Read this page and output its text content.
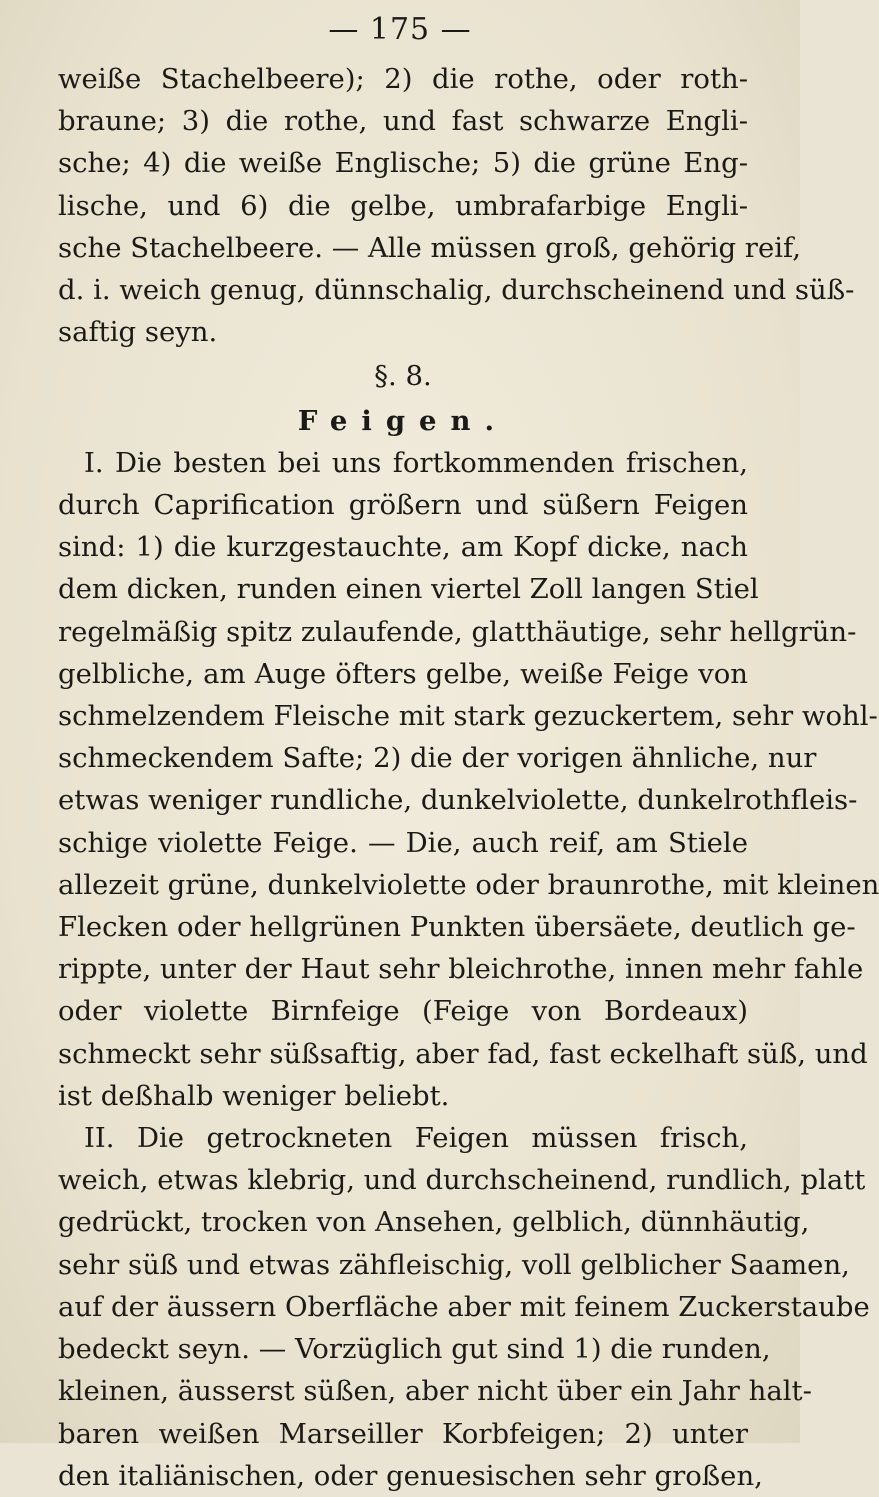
— 175 —
weiße Stachelbeere); 2) die rothe, oder roth-
braune; 3) die rothe, und fast schwarze Engli-
sche; 4) die weiße Englische; 5) die grüne Eng-
lische, und 6) die gelbe, umbrafarbige Engli-
sche Stachelbeere. — Alle müssen groß, gehörig reif,
d. i. weich genug, dünnschalig, durchscheinend und süß-
saftig seyn.
§. 8.
Feigen.
I. Die besten bei uns fortkommenden frischen,
durch Caprification größern und süßern Feigen
sind: 1) die kurzgestauchte, am Kopf dicke, nach
dem dicken, runden einen viertel Zoll langen Stiel
regelmäßig spitz zulaufende, glatthäutige, sehr hellgrün-
gelbliche, am Auge öfters gelbe, weiße Feige von
schmelzendem Fleische mit stark gezuckertem, sehr wohl-
schmeckendem Safte; 2) die der vorigen ähnliche, nur
etwas weniger rundliche, dunkelviolette, dunkelrothfleis-
schige violette Feige. — Die, auch reif, am Stiele
allezeit grüne, dunkelviolette oder braunrothe, mit kleinen
Flecken oder hellgrünen Punkten übersäete, deutlich ge-
rippte, unter der Haut sehr bleichrothe, innen mehr fahle
oder violette Birnfeige (Feige von Bordeaux)
schmeckt sehr süßsaftig, aber fad, fast eckelhaft süß, und
ist deßhalb weniger beliebt.
II. Die getrockneten Feigen müssen frisch,
weich, etwas klebrig, und durchscheinend, rundlich, platt
gedrückt, trocken von Ansehen, gelblich, dünnhäutig,
sehr süß und etwas zähfleischig, voll gelblicher Saamen,
auf der äussern Oberfläche aber mit feinem Zuckerstaube
bedeckt seyn. — Vorzüglich gut sind 1) die runden,
kleinen, äusserst süßen, aber nicht über ein Jahr halt-
baren weißen Marseiller Korbfeigen; 2) unter
den italiänischen, oder genuesischen sehr großen,
